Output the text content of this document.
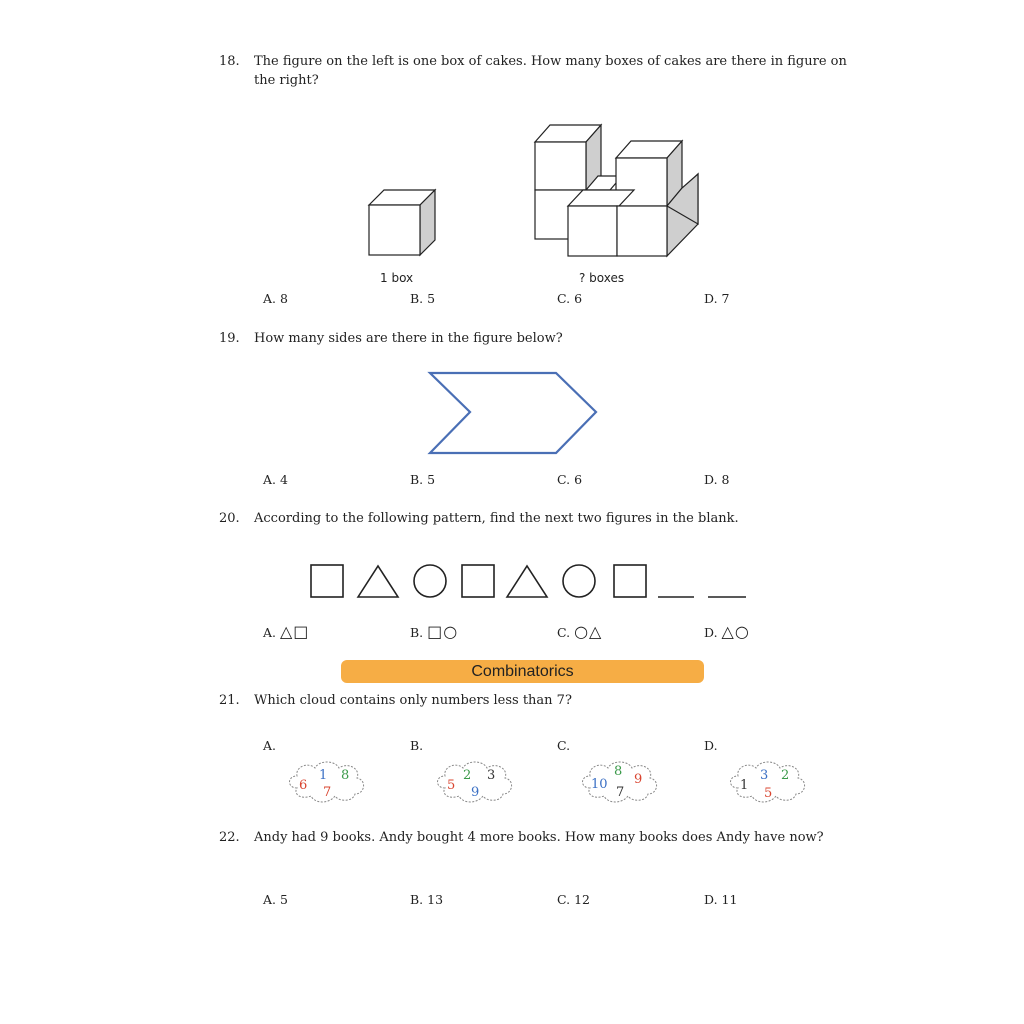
18. The figure on the left is one box of cakes. How many boxes of cakes are there in figure on
the right?
1 box	? boxes
A. 8	B. 5	C. 6	D. 7
19. How many sides are there in the figure below?
A. 4	B. 5	C. 6	D. 8
20. According to the following pattern, find the next two figures in the blank.
A. △□	B. □○	C. ○△	D. △○
Combinatorics
21. Which cloud contains only numbers less than 7?
A.	B.	C.	D.
6
1 8
7	5
2 3
9
10
8
9
7	1
3 2
5
22. Andy had 9 books. Andy bought 4 more books. How many books does Andy have now?
A. 5	B. 13	C. 12	D. 11
